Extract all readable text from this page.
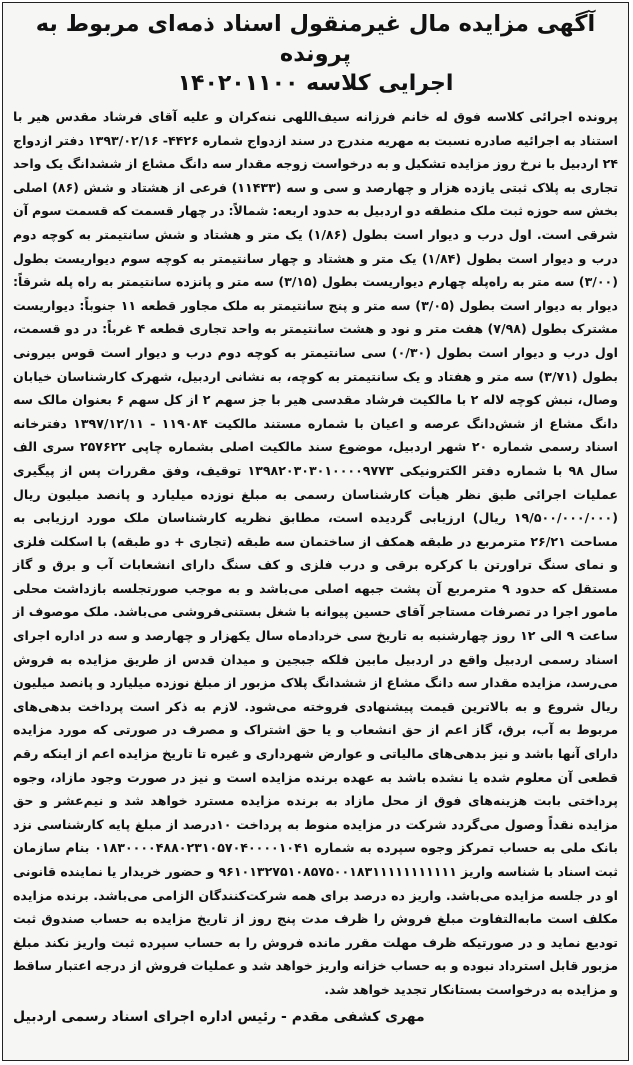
آگهی مزایده مال غیرمنقول اسناد ذمه‌ای مربوط به پرونده
اجرایی کلاسه ۱۴۰۲۰۱۱۰۰

پرونده اجرائی کلاسه فوق له خانم فرزانه سیف‌اللهی ننه‌کران و علیه آقای فرشاد مقدس هیر با استناد به اجرائیه صادره نسبت به مهریه مندرج در سند ازدواج شماره ۴۴۲۶- ۱۳۹۳/۰۲/۱۶ دفتر ازدواج ۲۴ اردبیل با نرخ روز مزایده تشکیل و به درخواست زوجه مقدار سه دانگ مشاع از ششدانگ یک واحد تجاری به پلاک ثبتی یازده هزار و چهارصد و سی و سه (۱۱۴۳۳) فرعی از هشتاد و شش (۸۶) اصلی بخش سه حوزه ثبت ملک منطقه دو اردبیل به حدود اربعه: شمالاً: در چهار قسمت که قسمت سوم آن شرقی است. اول درب و دیوار است بطول (۱/۸۶) یک متر و هشتاد و شش سانتیمتر به کوچه دوم درب و دیوار است بطول (۱/۸۴) یک متر و هشتاد و چهار سانتیمتر به کوچه سوم دیواریست بطول (۳/۰۰) سه متر به راه‌پله چهارم دیواریست بطول (۳/۱۵) سه متر و پانزده سانتیمتر به راه پله شرقاً: دیوار به دیوار است بطول (۳/۰۵) سه متر و پنج سانتیمتر به ملک مجاور قطعه ۱۱ جنوباً: دیواریست مشترک بطول (۷/۹۸) هفت متر و نود و هشت سانتیمتر به واحد تجاری قطعه ۴ غرباً: در دو قسمت، اول درب و دیوار است بطول (۰/۳۰) سی سانتیمتر به کوچه دوم درب و دیوار است قوس بیرونی بطول (۳/۷۱) سه متر و هفتاد و یک سانتیمتر به کوچه، به نشانی اردبیل، شهرک کارشناسان خیابان وصال، نبش کوچه لاله ۲ با مالکیت فرشاد مقدسی هیر با جز سهم ۲ از کل سهم ۶ بعنوان مالک سه دانگ مشاع از شش‌دانگ عرصه و اعیان با شماره مستند مالکیت ۱۱۹۰۸۴ - ۱۳۹۷/۱۲/۱۱ دفترخانه اسناد رسمی شماره ۲۰ شهر اردبیل، موضوع سند مالکیت اصلی بشماره چاپی ۲۵۷۶۲۲ سری الف سال ۹۸ با شماره دفتر الکترونیکی ۱۳۹۸۲۰۳۰۳۰۱۰۰۰۰۹۷۷۳ توقیف، وفق مقررات پس از پیگیری عملیات اجرائی طبق نظر هیأت کارشناسان رسمی به مبلغ نوزده میلیارد و پانصد میلیون ریال (۱۹/۵۰۰/۰۰۰/۰۰۰ ریال) ارزیابی گردیده است، مطابق نظریه کارشناسان ملک مورد ارزیابی به مساحت ۲۶/۲۱ مترمربع در طبقه همکف از ساختمان سه طبقه (تجاری + دو طبقه) با اسکلت فلزی و نمای سنگ تراورتن با کرکره برقی و درب فلزی و کف سنگ دارای انشعابات آب و برق و گاز مستقل که حدود ۹ مترمربع آن پشت جبهه اصلی می‌باشد و به موجب صورتجلسه بازداشت محلی مامور اجرا در تصرفات مستاجر آقای حسین پیوانه با شغل بستنی‌فروشی می‌باشد. ملک موصوف از ساعت ۹ الی ۱۲ روز چهارشنبه به تاریخ سی خردادماه سال یکهزار و چهارصد و سه در اداره اجرای اسناد رسمی اردبیل واقع در اردبیل مابین فلکه جبجین و میدان قدس از طریق مزایده به فروش می‌رسد، مزایده مقدار سه دانگ مشاع از ششدانگ پلاک مزبور از مبلغ نوزده میلیارد و پانصد میلیون ریال شروع و به بالاترین قیمت پیشنهادی فروخته می‌شود. لازم به ذکر است پرداخت بدهی‌های مربوط به آب، برق، گاز اعم از حق انشعاب و یا حق اشتراک و مصرف در صورتی که مورد مزایده دارای آنها باشد و نیز بدهی‌های مالیاتی و عوارض شهرداری و غیره تا تاریخ مزایده اعم از اینکه رقم قطعی آن معلوم شده یا نشده باشد به عهده برنده مزایده است و نیز در صورت وجود مازاد، وجوه پرداختی بابت هزینه‌های فوق از محل مازاد به برنده مزایده مسترد خواهد شد و نیم‌عشر و حق مزایده نقداً وصول می‌گردد شرکت در مزایده منوط به پرداخت ۱۰درصد از مبلغ پایه کارشناسی نزد بانک ملی به حساب تمرکز وجوه سپرده به شماره ۰۱۸۳۰۰۰۰۴۸۸۰۲۳۱۰۵۷۰۴۰۰۰۰۱۰۴۱ بنام سازمان ثبت اسناد با شناسه واریز ۹۶۱۰۱۳۲۷۵۱۰۸۵۷۵۰۰۱۸۳۱۱۱۱۱۱۱۱۱۱۱ و حضور خریدار یا نماینده قانونی او در جلسه مزایده می‌باشد. واریز ده درصد برای همه شرکت‌کنندگان الزامی می‌باشد. برنده مزایده مکلف است مابه‌التفاوت مبلغ فروش را ظرف مدت پنج روز از تاریخ مزایده به حساب صندوق ثبت تودیع نماید و در صورتیکه ظرف مهلت مقرر مانده فروش را به حساب سپرده ثبت واریز نکند مبلغ مزبور قابل استرداد نبوده و به حساب خزانه واریز خواهد شد و عملیات فروش از درجه اعتبار ساقط و مزایده به درخواست بستانکار تجدید خواهد شد.

مهری کشفی مقدم - رئیس اداره اجرای اسناد رسمی اردبیل
